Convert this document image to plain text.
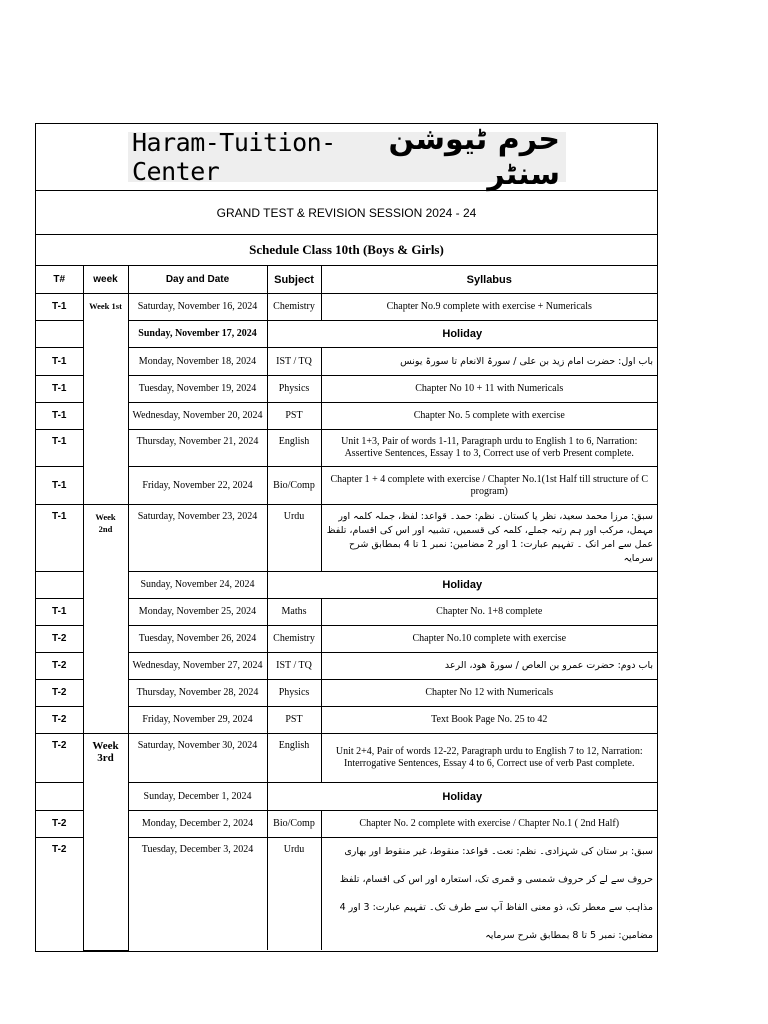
Haram-Tuition-Center
حرم ٹیوشن سنٹر
GRAND TEST & REVISION SESSION 2024 - 24
Schedule Class 10th (Boys & Girls)
T#	week	Day and Date	Subject	Syllabus
T-1	Week 1st	Saturday, November 16, 2024	Chemistry	Chapter No.9 complete with exercise + Numericals
		Sunday, November 17, 2024	Holiday	
T-1		Monday, November 18, 2024	IST / TQ	باب اول: حضرت امام زید بن علی / سورۃ الانعام تا سورۃ یونس
T-1		Tuesday, November 19, 2024	Physics	Chapter No 10 + 11 with Numericals
T-1		Wednesday, November 20, 2024	PST	Chapter No. 5 complete with exercise
T-1		Thursday, November 21, 2024	English	Unit 1+3, Pair of words 1-11, Paragraph urdu to English 1 to 6, Narration: Assertive Sentences, Essay 1 to 3, Correct use of verb Present complete.
T-1		Friday, November 22, 2024	Bio/Comp	Chapter 1 + 4 complete with exercise / Chapter No.1(1st Half till structure of C program)
T-1	Week 2nd	Saturday, November 23, 2024	Urdu	سبق: مرزا محمد سعید، نظر یا کستان۔ نظم: حمد۔ قواعد: لفظ، جملہ کلمہ اور مہمل، مرکب اور ہم رتبہ جملے، کلمہ کی قسمیں، تشبیہ اور اس کی اقسام، تلفظ عمل سے امر انک ۔ تفہیم عبارت: 1 اور 2 مضامین: نمبر 1 تا 4 بمطابق شرح سرمایہ
		Sunday, November 24, 2024	Holiday	
T-1		Monday, November 25, 2024	Maths	Chapter No. 1+8 complete
T-2		Tuesday, November 26, 2024	Chemistry	Chapter No.10 complete with exercise
T-2		Wednesday, November 27, 2024	IST / TQ	باب دوم: حضرت عمرو بن العاص / سورۃ ھود، الرعد
T-2		Thursday, November 28, 2024	Physics	Chapter No 12 with Numericals
T-2		Friday, November 29, 2024	PST	Text Book Page No. 25 to 42
T-2	Week 3rd	Saturday, November 30, 2024	English	Unit 2+4, Pair of words 12-22, Paragraph urdu to English 7 to 12, Narration: Interrogative Sentences, Essay 4 to 6, Correct use of verb Past complete.
		Sunday, December 1, 2024	Holiday	
T-2		Monday, December 2, 2024	Bio/Comp	Chapter No. 2 complete with exercise / Chapter No.1 ( 2nd Half)
T-2		Tuesday, December 3, 2024	Urdu	سبق: بر ستان کی شہزادی۔ نظم: نعت۔ قواعد: منقوط، غیر منقوط اور بھاری حروف سے لے کر حروف شمسی و قمری تک، استعارہ اور اس کی اقسام، تلفظ مذاہب سے معطر تک، ذو معنی الفاظ آپ سے طرف تک۔ تفہیم عبارت: 3 اور 4 مضامین: نمبر 5 تا 8 بمطابق شرح سرمایہ
